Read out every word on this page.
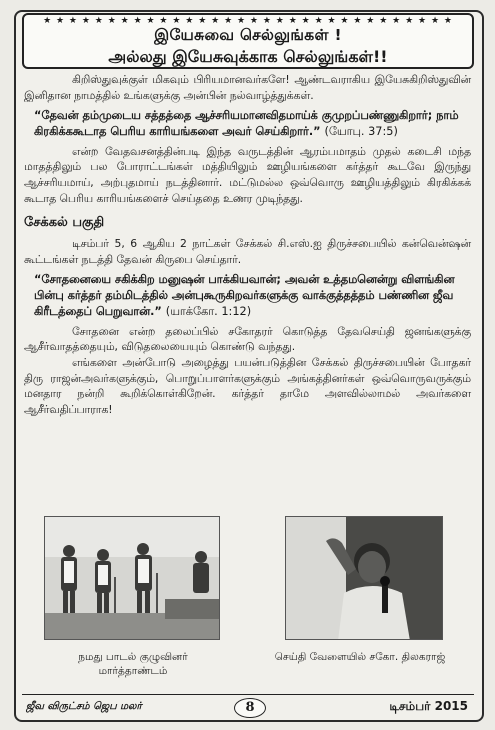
★ ★ ★ ★ ★ ★ ★ ★ ★ ★ ★ ★ ★ ★ ★ ★ ★ ★ ★ ★ ★ ★ ★ ★ ★ ★ ★ ★ ★ ★ ★ ★
இயேசுவை செல்லுங்கள் !
அல்லது இயேசுவுக்காக செல்லுங்கள்!!

கிறிஸ்துவுக்குள் மிகவும் பிரியமானவர்களே! ஆண்டவராகிய இயேசுகிறிஸ்துவின் இனிதான நாமத்தில் உங்களுக்கு அன்பின் நல்வாழ்த்துக்கள்.

“தேவன் தம்முடைய சத்தத்தை ஆச்சரியமானவிதமாய்க் குமுறப்பண்ணுகிறார்; நாம் கிரகிக்ககூடாத பெரிய காரியங்களை அவர் செய்கிறார்.” (யோபு. 37:5)

என்ற வேதவசனத்தின்படி இந்த வருடத்தின் ஆரம்பமாதம் முதல் கடைசி மந்த மாதத்திலும் பல போராட்டங்கள் மத்தியிலும் ஊழியங்களை கர்த்தர் கூடவே இருந்து ஆச்சரியமாய், அற்புதமாய் நடத்தினார். மட்டுமல்ல ஒவ்வொரு ஊழியத்திலும் கிரகிக்கக் கூடாத பெரிய காரியங்களைச் செய்ததை உணர முடிந்தது.

சேக்கல் பகுதி

டிசம்பர் 5, 6 ஆகிய 2 நாட்கள் சேக்கல் சி.எஸ்.ஐ திருச்சபையில் கன்வென்ஷன் கூட்டங்கள் நடத்தி தேவன் கிருபை செய்தார்.

“சோதனையை சகிக்கிற மனுஷன் பாக்கியவான்; அவன் உத்தமனென்று விளங்கின பின்பு கர்த்தர் தம்மிடத்தில் அன்புகூருகிறவர்களுக்கு வாக்குத்தத்தம் பண்ணின ஜீவ கிரீடத்தைப் பெறுவான்.” (யாக்கோ. 1:12)

சோதனை என்ற தலைப்பில் சகோதரர் கொடுத்த தேவசெய்தி ஜனங்களுக்கு ஆசீர்வாதத்தையும், விடுதலையையும் கொண்டு வந்தது.

எங்களை அன்போடு அழைத்து பயன்படுத்தின சேக்கல் திருச்சபையின் போதகர் திரு ராஜன்அவர்களுக்கும், பொறுப்பாளர்களுக்கும் அங்கத்தினர்கள் ஒவ்வொருவருக்கும் மனதார நன்றி கூறிக்கொள்கிறேன். கர்த்தர் தாமே அளவில்லாமல் அவர்களை ஆசீர்வதிப்பாராக!

நமது பாடல் குழுவினர்
மார்த்தாண்டம்
செய்தி வேளையில் சகோ. திலகராஜ்
ஜீவ விருட்சம் ஜெப மலர்	8	டிசம்பர் 2015
